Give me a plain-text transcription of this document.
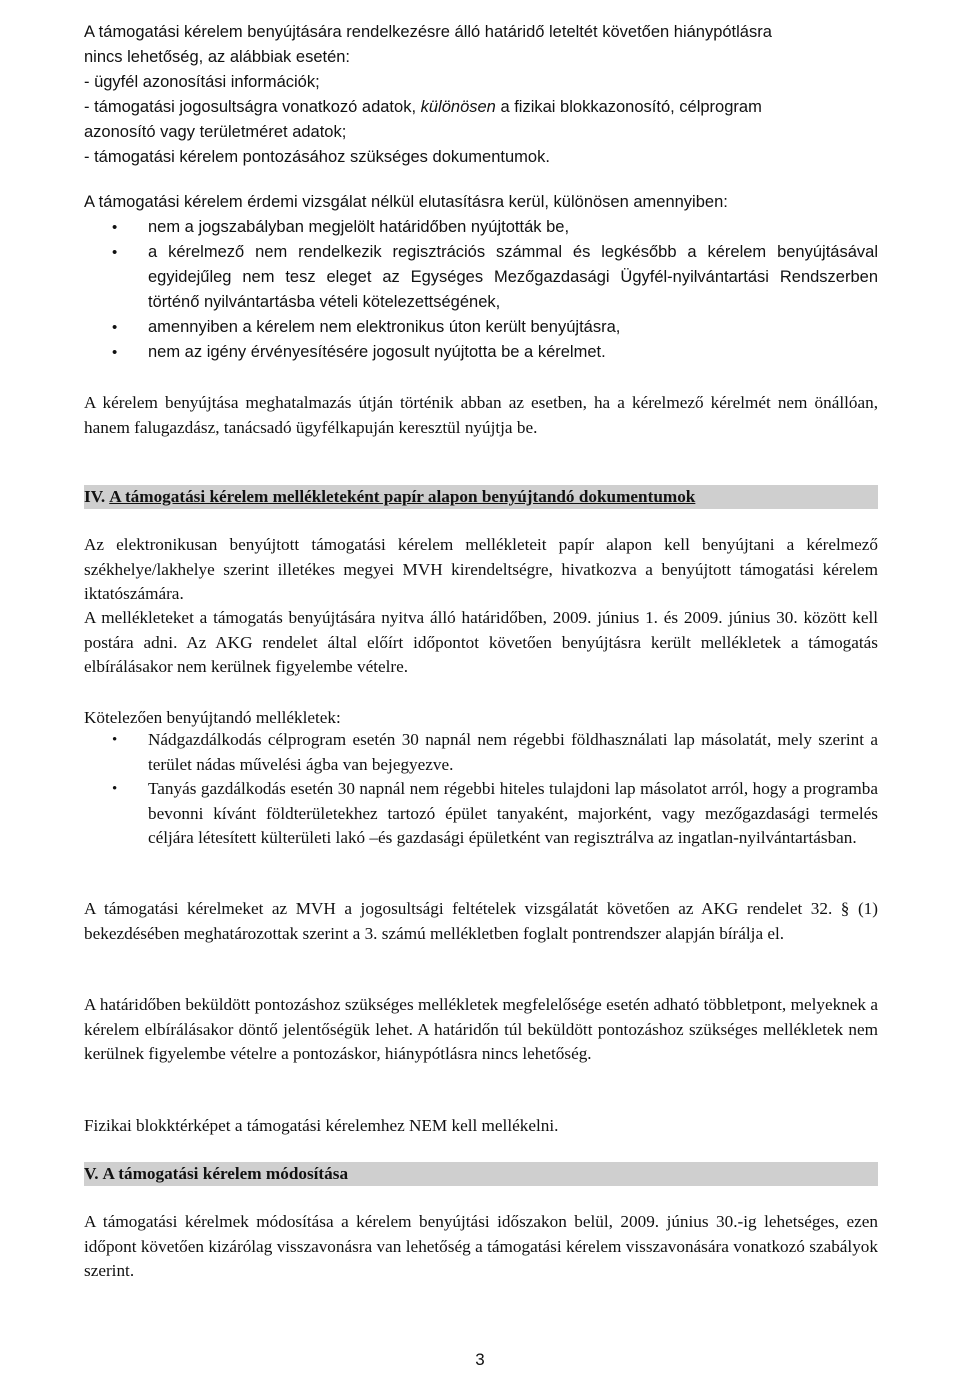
A támogatási kérelem benyújtására rendelkezésre álló határidő leteltét követően hiánypótlásra
nincs lehetőség, az alábbiak esetén:
- ügyfél azonosítási információk;
- támogatási jogosultságra vonatkozó adatok, különösen a fizikai blokkazonosító, célprogram
azonosító vagy területméret adatok;
- támogatási kérelem pontozásához szükséges dokumentumok.

A támogatási kérelem érdemi vizsgálat nélkül elutasításra kerül, különösen amennyiben:

• nem a jogszabályban megjelölt határidőben nyújtották be,
• a kérelmező nem rendelkezik regisztrációs számmal és legkésőbb a kérelem benyújtásával egyidejűleg nem tesz eleget az Egységes Mezőgazdasági Ügyfél-nyilvántartási Rendszerben történő nyilvántartásba vételi kötelezettségének,
• amennyiben a kérelem nem elektronikus úton került benyújtásra,
• nem az igény érvényesítésére jogosult nyújtotta be a kérelmet.

A kérelem benyújtása meghatalmazás útján történik abban az esetben, ha a kérelmező kérelmét nem önállóan, hanem falugazdász, tanácsadó ügyfélkapuján keresztül nyújtja be.

IV. A támogatási kérelem mellékleteként papír alapon benyújtandó dokumentumok

Az elektronikusan benyújtott támogatási kérelem mellékleteit papír alapon kell benyújtani a kérelmező székhelye/lakhelye szerint illetékes megyei MVH kirendeltségre, hivatkozva a benyújtott támogatási kérelem iktatószámára.

A mellékleteket a támogatás benyújtására nyitva álló határidőben, 2009. június 1. és 2009. június 30. között kell postára adni. Az AKG rendelet által előírt időpontot követően benyújtásra került mellékletek a támogatás elbírálásakor nem kerülnek figyelembe vételre.

Kötelezően benyújtandó mellékletek:

• Nádgazdálkodás célprogram esetén 30 napnál nem régebbi földhasználati lap másolatát, mely szerint a terület nádas művelési ágba van bejegyezve.
• Tanyás gazdálkodás esetén 30 napnál nem régebbi hiteles tulajdoni lap másolatot arról, hogy a programba bevonni kívánt földterületekhez tartozó épület tanyaként, majorként, vagy mezőgazdasági termelés céljára létesített külterületi lakó –és gazdasági épületként van regisztrálva az ingatlan-nyilvántartásban.

A támogatási kérelmeket az MVH a jogosultsági feltételek vizsgálatát követően az AKG rendelet 32. § (1) bekezdésében meghatározottak szerint a 3. számú mellékletben foglalt pontrendszer alapján bírálja el.

A határidőben beküldött pontozáshoz szükséges mellékletek megfelelősége esetén adható többletpont, melyeknek a kérelem elbírálásakor döntő jelentőségük lehet. A határidőn túl beküldött pontozáshoz szükséges mellékletek nem kerülnek figyelembe vételre a pontozáskor, hiánypótlásra nincs lehetőség.

Fizikai blokktérképet a támogatási kérelemhez NEM kell mellékelni.

V. A támogatási kérelem módosítása

A támogatási kérelmek módosítása a kérelem benyújtási időszakon belül, 2009. június 30.-ig lehetséges, ezen időpont követően kizárólag visszavonásra van lehetőség a támogatási kérelem visszavonására vonatkozó szabályok szerint.

3
